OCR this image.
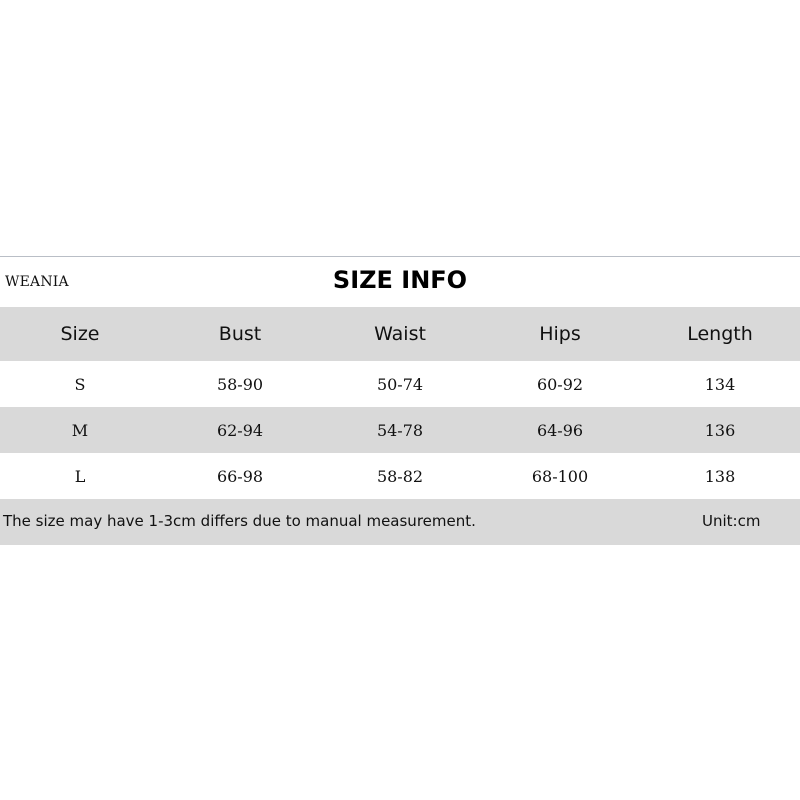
WEANIA	SIZE INFO
Size	Bust	Waist	Hips	Length
S	58-90	50-74	60-92	134
M	62-94	54-78	64-96	136
L	66-98	58-82	68-100	138
The size may have 1-3cm differs due to manual measurement.	Unit:cm
